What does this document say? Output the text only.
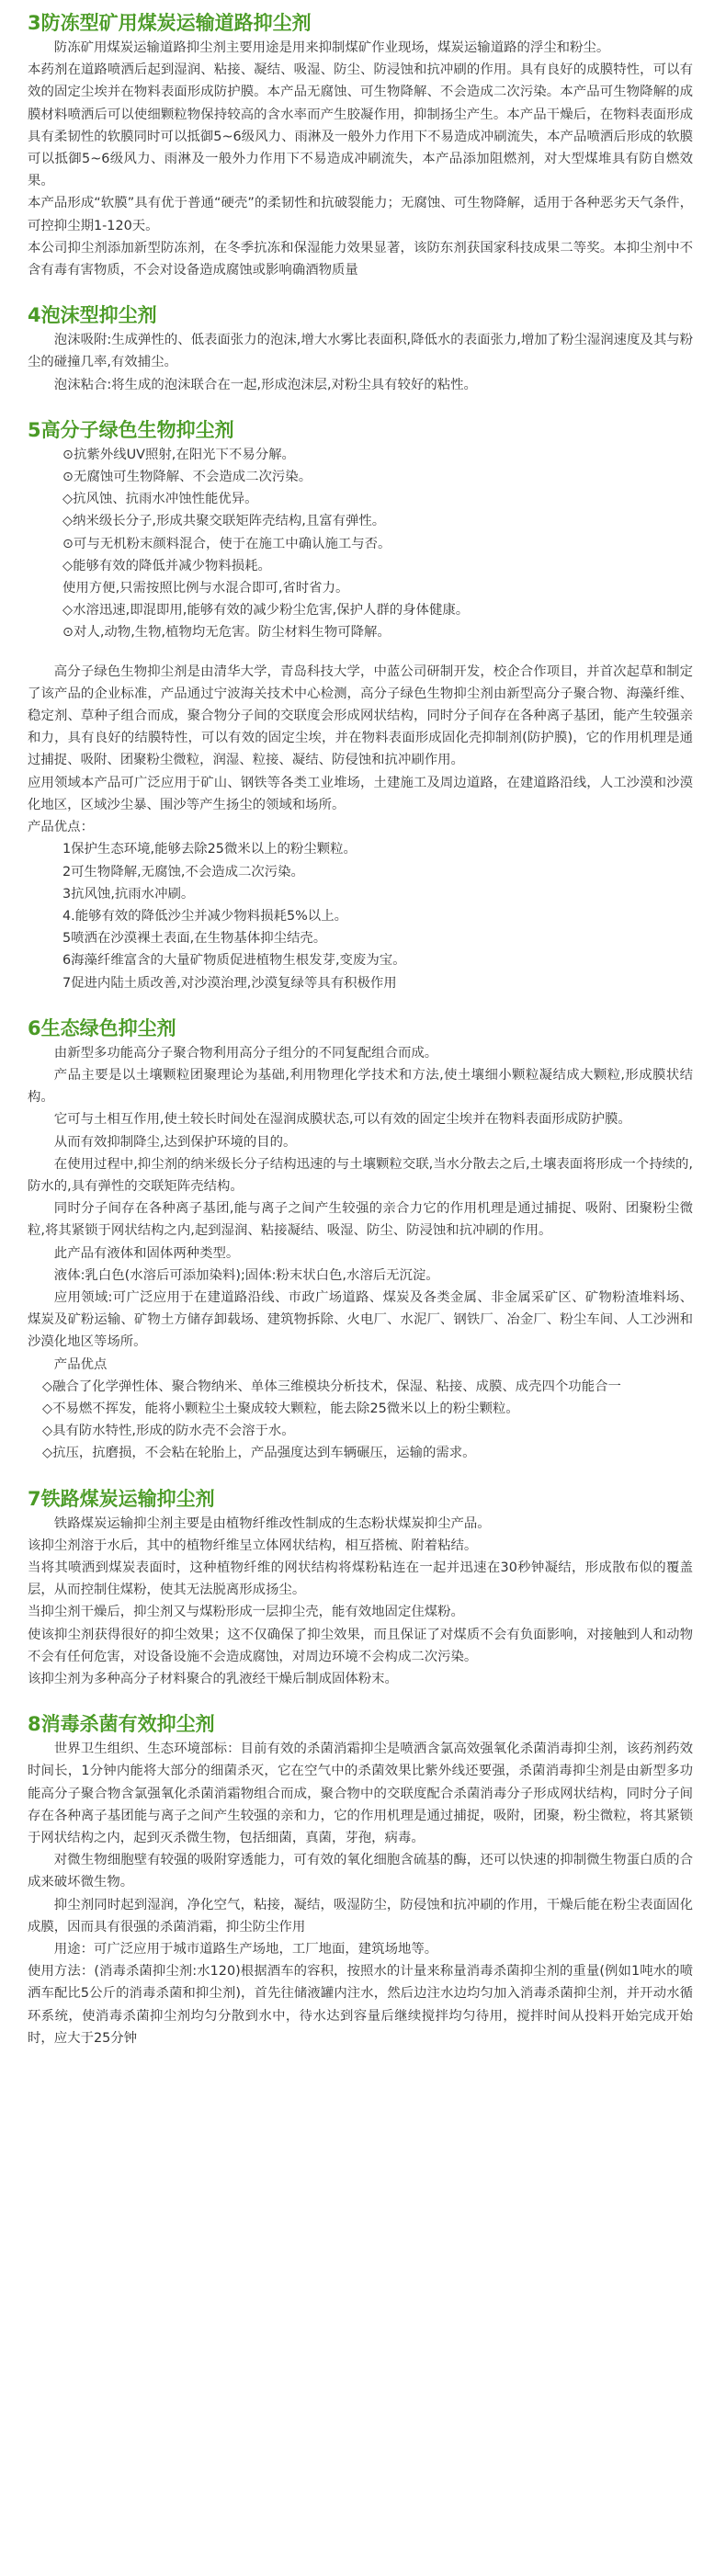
3防冻型矿用煤炭运输道路抑尘剂

防冻矿用煤炭运输道路抑尘剂主要用途是用来抑制煤矿作业现场，煤炭运输道路的浮尘和粉尘。

本药剂在道路喷洒后起到湿润、粘接、凝结、吸湿、防尘、防浸蚀和抗冲刷的作用。具有良好的成膜特性，可以有效的固定尘埃并在物料表面形成防护膜。本产品无腐蚀、可生物降解、不会造成二次污染。本产品可生物降解的成膜材料喷洒后可以使细颗粒物保持较高的含水率而产生胶凝作用，抑制扬尘产生。本产品干燥后，在物料表面形成具有柔韧性的软膜同时可以抵御5~6级风力、雨淋及一般外力作用下不易造成冲刷流失，本产品喷洒后形成的软膜可以抵御5~6级风力、雨淋及一般外力作用下不易造成冲刷流失，本产品添加阻燃剂，对大型煤堆具有防自燃效果。

本产品形成“软膜”具有优于普通“硬壳”的柔韧性和抗破裂能力；无腐蚀、可生物降解，适用于各种恶劣天气条件，可控抑尘期1-120天。

本公司抑尘剂添加新型防冻剂，在冬季抗冻和保湿能力效果显著，该防东剂获国家科技成果二等奖。本抑尘剂中不含有毒有害物质，不会对设备造成腐蚀或影响确酒物质量

4泡沫型抑尘剂

泡沫吸附:生成弹性的、低表面张力的泡沫,增大水雾比表面积,降低水的表面张力,增加了粉尘湿润速度及其与粉尘的碰撞几率,有效捕尘。

泡沫粘合:将生成的泡沫联合在一起,形成泡沫层,对粉尘具有较好的粘性。

5高分子绿色生物抑尘剂

⊙抗紫外线UV照射,在阳光下不易分解。

⊙无腐蚀可生物降解、不会造成二次污染。

◇抗风蚀、抗雨水冲蚀性能优异。

◇纳米级长分子,形成共聚交联矩阵壳结构,且富有弹性。

⊙可与无机粉末颜料混合，使于在施工中确认施工与否。

◇能够有效的降低并减少物料损耗。

使用方便,只需按照比例与水混合即可,省时省力。

◇水溶迅速,即混即用,能够有效的减少粉尘危害,保护人群的身体健康。

⊙对人,动物,生物,植物均无危害。防尘材料生物可降解。

高分子绿色生物抑尘剂是由清华大学，青岛科技大学，中蓝公司研制开发，校企合作项目，并首次起草和制定了该产品的企业标准，产品通过宁波海关技术中心检测，高分子绿色生物抑尘剂由新型高分子聚合物、海藻纤维、稳定剂、草种子组合而成，聚合物分子间的交联度会形成网状结构，同时分子间存在各种离子基团，能产生较强亲和力，具有良好的结膜特性，可以有效的固定尘埃，并在物料表面形成固化壳抑制剂(防护膜)，它的作用机理是通过捕捉、吸附、团聚粉尘微粒，润湿、粒接、凝结、防侵蚀和抗冲刷作用。

应用领域本产品可广泛应用于矿山、钢铁等各类工业堆场，土建施工及周边道路，在建道路沿线，人工沙漠和沙漠化地区，区域沙尘暴、围沙等产生扬尘的领域和场所。

产品优点：

1保护生态环境,能够去除25微米以上的粉尘颗粒。

2可生物降解,无腐蚀,不会造成二次污染。

3抗风蚀,抗雨水冲刷。

4.能够有效的降低沙尘并减少物料损耗5%以上。

5喷洒在沙漠裸土表面,在生物基体抑尘结壳。

6海藻纤维富含的大量矿物质促进植物生根发芽,变废为宝。

7促进内陆土质改善,对沙漠治理,沙漠复绿等具有积极作用

6生态绿色抑尘剂

由新型多功能高分子聚合物利用高分子组分的不同复配组合而成。

产品主要是以土壤颗粒团聚理论为基础,利用物理化学技术和方法,使土壤细小颗粒凝结成大颗粒,形成膜状结构。

它可与土相互作用,使土较长时间处在湿润成膜状态,可以有效的固定尘埃并在物料表面形成防护膜。

从而有效抑制降尘,达到保护环境的目的。

在使用过程中,抑尘剂的纳米级长分子结构迅速的与土壤颗粒交联,当水分散去之后,土壤表面将形成一个持续的,防水的,具有弹性的交联矩阵壳结构。

同时分子间存在各种离子基团,能与离子之间产生较强的亲合力它的作用机理是通过捕捉、吸附、团聚粉尘微粒,将其紧锁于网状结构之内,起到湿润、粘接凝结、吸湿、防尘、防浸蚀和抗冲刷的作用。

此产品有液体和固体两种类型。

液体:乳白色(水溶后可添加染料);固体:粉末状白色,水溶后无沉淀。

应用领域:可广泛应用于在建道路沿线、市政广场道路、煤炭及各类金属、非金属采矿区、矿物粉渣堆料场、煤炭及矿粉运输、矿物土方储存卸载场、建筑物拆除、火电厂、水泥厂、钢铁厂、冶金厂、粉尘车间、人工沙洲和沙漠化地区等场所。

产品优点

◇融合了化学弹性体、聚合物纳米、单体三维模块分析技术，保湿、粘接、成膜、成壳四个功能合一

◇不易燃不挥发，能将小颗粒尘土聚成较大颗粒，能去除25微米以上的粉尘颗粒。

◇具有防水特性,形成的防水壳不会溶于水。

◇抗压，抗磨损，不会粘在轮胎上，产品强度达到车辆碾压，运输的需求。

7铁路煤炭运输抑尘剂

铁路煤炭运输抑尘剂主要是由植物纤维改性制成的生态粉状煤炭抑尘产品。

该抑尘剂溶于水后，其中的植物纤维呈立体网状结构，相互搭梳、附着粘结。

当将其喷洒到煤炭表面时，这种植物纤维的网状结构将煤粉粘连在一起并迅速在30秒钟凝结，形成散布似的覆盖层，从而控制住煤粉，使其无法脱离形成扬尘。

当抑尘剂干燥后，抑尘剂又与煤粉形成一层抑尘壳，能有效地固定住煤粉。

使该抑尘剂获得很好的抑尘效果；这不仅确保了抑尘效果，而且保证了对煤质不会有负面影响，对接触到人和动物不会有任何危害，对设备设施不会造成腐蚀，对周边环境不会构成二次污染。

该抑尘剂为多种高分子材料聚合的乳液经干燥后制成固体粉末。

8消毒杀菌有效抑尘剂

世界卫生组织、生态环境部标：目前有效的杀菌消霜抑尘是喷洒含氯高效强氧化杀菌消毒抑尘剂，该药剂药效时间长，1分钟内能将大部分的细菌杀灭，它在空气中的杀菌效果比紫外线还要强，杀菌消毒抑尘剂是由新型多功能高分子聚合物含氯强氧化杀菌消霜物组合而成，聚合物中的交联度配合杀菌消毒分子形成网状结构，同时分子间存在各种离子基团能与离子之间产生较强的亲和力，它的作用机理是通过捕捉，吸附，团聚，粉尘微粒，将其紧锁于网状结构之内，起到灭杀微生物，包括细菌，真菌，芽孢，病毒。

对微生物细胞壁有较强的吸附穿透能力，可有效的氧化细胞含硫基的酶，还可以快速的抑制微生物蛋白质的合成来破坏微生物。

抑尘剂同时起到湿润，净化空气，粘接，凝结，吸湿防尘，防侵蚀和抗冲刷的作用，干燥后能在粉尘表面固化成膜，因而具有很强的杀菌消霜，抑尘防尘作用

用途：可广泛应用于城市道路生产场地，工厂地面，建筑场地等。

使用方法：(消毒杀菌抑尘剂:水120)根据酒车的容积，按照水的计量来称量消毒杀菌抑尘剂的重量(例如1吨水的喷洒车配比5公斤的消毒杀菌和抑尘剂)，首先往储液罐内注水，然后边注水边均匀加入消毒杀菌抑尘剂，并开动水循环系统，使消毒杀菌抑尘剂均匀分散到水中，待水达到容量后继续搅拌均匀待用，搅拌时间从投料开始完成开始时，应大于25分钟
